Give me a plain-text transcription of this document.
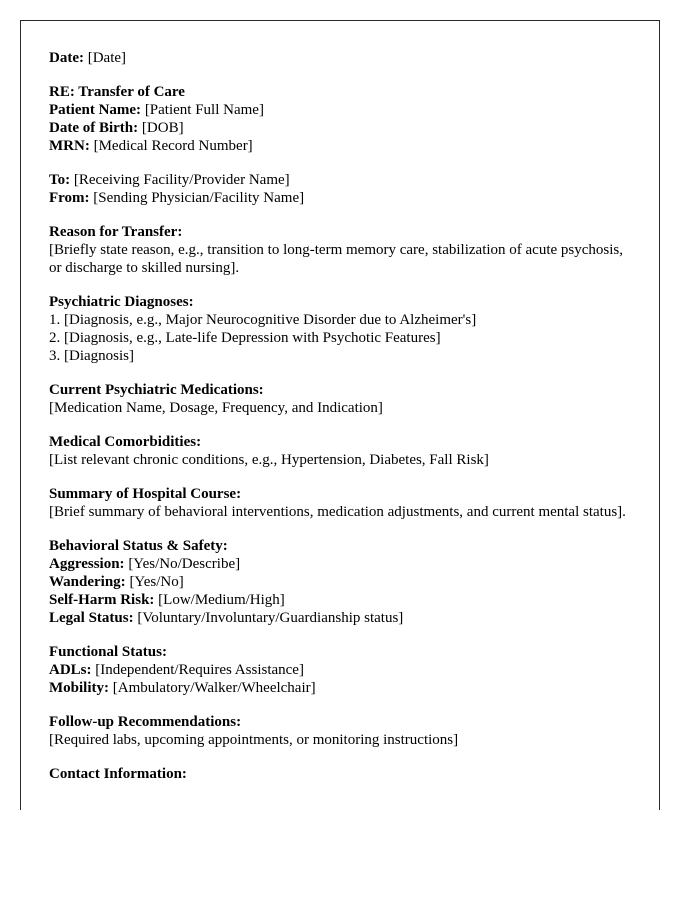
Date: [Date]
RE: Transfer of Care
Patient Name: [Patient Full Name]
Date of Birth: [DOB]
MRN: [Medical Record Number]
To: [Receiving Facility/Provider Name]
From: [Sending Physician/Facility Name]
Reason for Transfer:
[Briefly state reason, e.g., transition to long-term memory care, stabilization of acute psychosis, or discharge to skilled nursing].
Psychiatric Diagnoses:
1. [Diagnosis, e.g., Major Neurocognitive Disorder due to Alzheimer's]
2. [Diagnosis, e.g., Late-life Depression with Psychotic Features]
3. [Diagnosis]
Current Psychiatric Medications:
[Medication Name, Dosage, Frequency, and Indication]
Medical Comorbidities:
[List relevant chronic conditions, e.g., Hypertension, Diabetes, Fall Risk]
Summary of Hospital Course:
[Brief summary of behavioral interventions, medication adjustments, and current mental status].
Behavioral Status & Safety:
Aggression: [Yes/No/Describe]
Wandering: [Yes/No]
Self-Harm Risk: [Low/Medium/High]
Legal Status: [Voluntary/Involuntary/Guardianship status]
Functional Status:
ADLs: [Independent/Requires Assistance]
Mobility: [Ambulatory/Walker/Wheelchair]
Follow-up Recommendations:
[Required labs, upcoming appointments, or monitoring instructions]
Contact Information:
